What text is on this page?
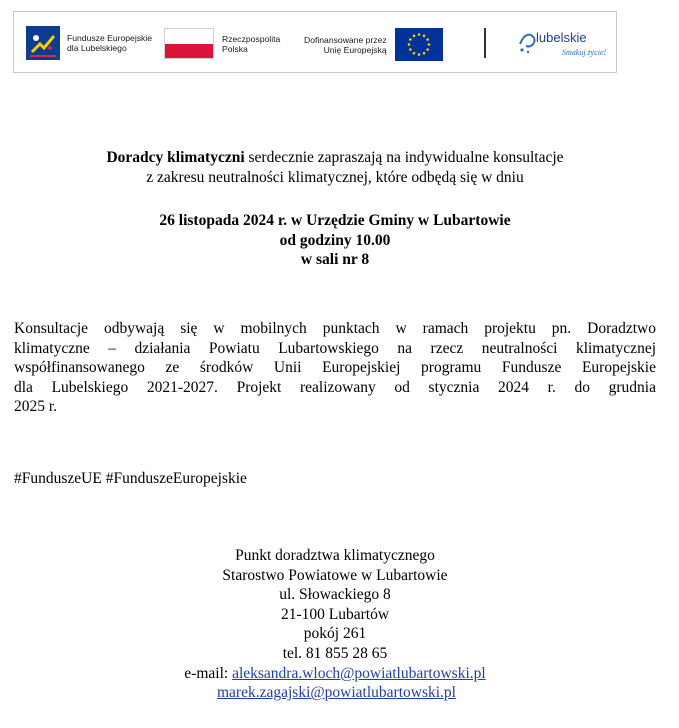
Fundusze Europejskie
dla Lubelskiego
Rzeczpospolita
Polska
Dofinansowane przez
Unię Europejską
lubelskie
Smakuj życie!
Doradcy klimatyczni serdecznie zapraszają na indywidualne konsultacje
z zakresu neutralności klimatycznej, które odbędą się w dniu
26 listopada 2024 r. w Urzędzie Gminy w Lubartowie
od godziny 10.00
w sali nr 8
Konsultacje odbywają się w mobilnych punktach w ramach projektu pn. Doradztwo
klimatyczne – działania Powiatu Lubartowskiego na rzecz neutralności klimatycznej
współfinansowanego ze środków Unii Europejskiej programu Fundusze Europejskie
dla Lubelskiego 2021-2027. Projekt realizowany od stycznia 2024 r. do grudnia
2025 r.
#FunduszeUE #FunduszeEuropejskie
Punkt doradztwa klimatycznego
Starostwo Powiatowe w Lubartowie
ul. Słowackiego 8
21-100 Lubartów
pokój 261
tel. 81 855 28 65
e-mail: aleksandra.wloch@powiatlubartowski.pl
marek.zagajski@powiatlubartowski.pl
